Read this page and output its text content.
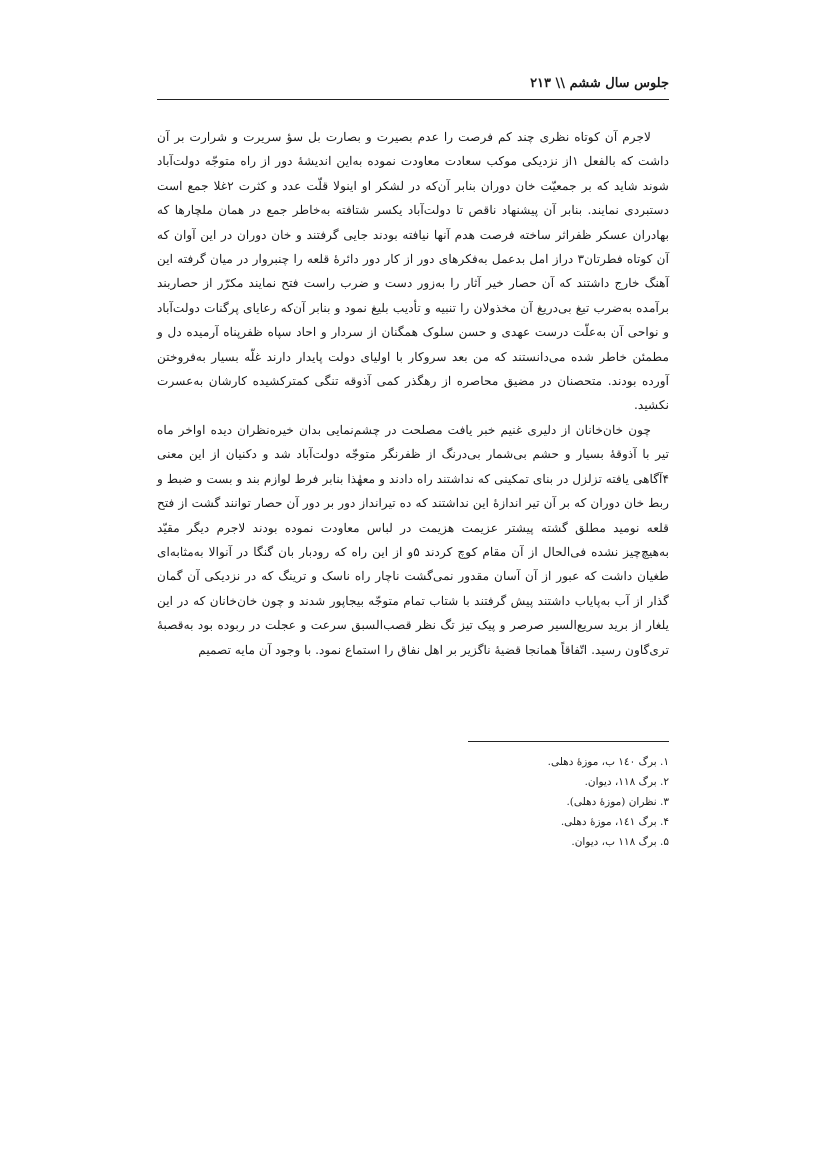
جلوس سال ششم \\ ۲۱۳

لاجرم آن کوتاه نظری چند کم فرصت را عدم بصیرت و بصارت بل سؤ سریرت و شرارت بر آن داشت که بالفعل ۱از نزدیکی موکب سعادت معاودت نموده به‌این اندیشهٔ دور از راه متوجّه دولت‌آباد شوند شاید که بر جمعیّت خان دوران بنابر آن‌که در لشکر او اینولا قلّت عدد و کثرت ۲غلا جمع است دستبردی نمایند. بنابر آن پیشنهاد ناقص تا دولت‌آباد یکسر شتافته به‌خاطر جمع در همان ملچارها که بهادران عسکر ظفراثر ساخته فرصت هدم آنها نیافته بودند جایی گرفتند و خان دوران در این آوان که آن کوتاه فطرتان۳ دراز امل بدعمل به‌فکرهای دور از کار دور دائرهٔ قلعه را چنبروار در میان گرفته این آهنگ خارج داشتند که آن حصار خیر آثار را به‌زور دست و ضرب راست فتح نمایند مکرّر از حصاربند برآمده به‌ضرب تیغ بی‌دریغ آن مخذولان را تنبیه و تأدیب بلیغ نمود و بنابر آن‌که رعایای پرگنات دولت‌آباد و نواحی آن به‌علّت درست عهدی و حسن سلوک همگنان از سردار و احاد سپاه ظفرپناه آرمیده دل و مطمئن خاطر شده می‌دانستند که من بعد سروکار با اولیای دولت پایدار دارند غلّه بسیار به‌فروختن آورده بودند. متحصنان در مضیق محاصره از رهگذر کمی آذوقه تنگی کمترکشیده کارشان به‌عسرت نکشید.

چون خان‌خانان از دلیری غنیم خبر یافت مصلحت در چشم‌نمایی بدان خیره‌نظران دیده اواخر ماه تیر با آذوقهٔ بسیار و حشم بی‌شمار بی‌درنگ از ظفرنگر متوجّه دولت‌آباد شد و دکنیان از این معنی ۴آگاهی یافته تزلزل در بنای تمکینی که نداشتند راه دادند و معهٰذا بنابر فرط لوازم بند و بست و ضبط و ربط خان دوران که بر آن تیر اندازهٔ این نداشتند که ده تیرانداز دور بر دور آن حصار توانند گشت از فتح قلعه نومید مطلق گشته پیشتر عزیمت هزیمت در لباس معاودت نموده بودند لاجرم دیگر مقیّد به‌هیچ‌چیز نشده فی‌الحال از آن مقام کوچ کردند ۵و از این راه که رودبار بان گنگا در آنوالا به‌مثابه‌ای طغیان داشت که عبور از آن آسان مقدور نمی‌گشت ناچار راه ناسک و ترینگ که در نزدیکی آن گمان گذار از آب به‌پایاب داشتند پیش گرفتند با شتاب تمام متوجّه بیجاپور شدند و چون خان‌خانان که در این یلغار از برید سریع‌السیر صرصر و پیک تیز تگ نظر قصب‌السبق سرعت و عجلت در ربوده بود به‌قصبهٔ تری‌گاون رسید. اتّفاقاً همانجا قضیهٔ ناگزیر بر اهل نفاق را استماع نمود. با وجود آن مایه تصمیم

۱. برگ ۱٤۰ ب، موزهٔ دهلی.
۲. برگ ۱۱۸، دیوان.
۳. نظران (موزهٔ دهلی).
۴. برگ ۱٤۱، موزهٔ دهلی.
۵. برگ ۱۱۸ ب، دیوان.
